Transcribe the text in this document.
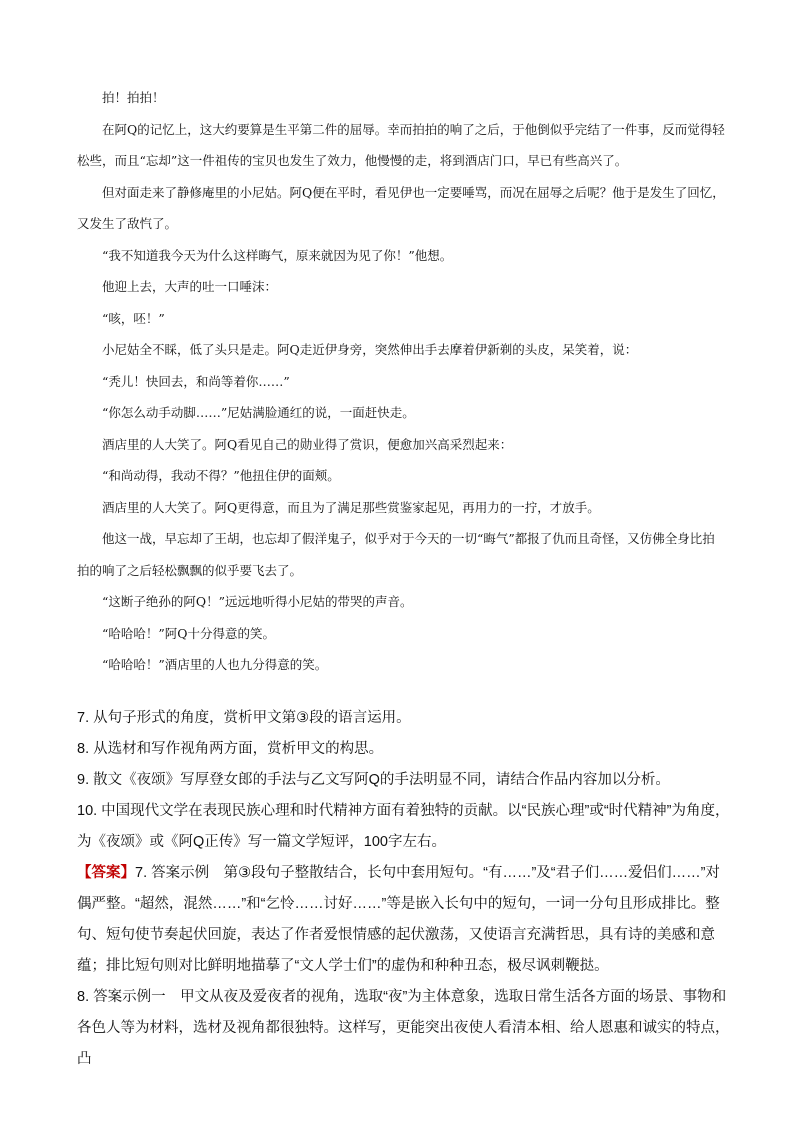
拍！拍拍！

在阿Q的记忆上，这大约要算是生平第二件的屈辱。幸而拍拍的响了之后，于他倒似乎完结了一件事，反而觉得轻松些，而且“忘却”这一件祖传的宝贝也发生了效力，他慢慢的走，将到酒店门口，早已有些高兴了。

但对面走来了静修庵里的小尼姑。阿Q便在平时，看见伊也一定要唾骂，而况在屈辱之后呢？他于是发生了回忆，又发生了敌忾了。

“我不知道我今天为什么这样晦气，原来就因为见了你！”他想。

他迎上去，大声的吐一口唾沫：

“咳，呸！”

小尼姑全不睬，低了头只是走。阿Q走近伊身旁，突然伸出手去摩着伊新剃的头皮，呆笑着，说：

“秃儿！快回去，和尚等着你……”

“你怎么动手动脚……”尼姑满脸通红的说，一面赶快走。

酒店里的人大笑了。阿Q看见自己的勋业得了赏识，便愈加兴高采烈起来：

“和尚动得，我动不得？”他扭住伊的面颊。

酒店里的人大笑了。阿Q更得意，而且为了满足那些赏鉴家起见，再用力的一拧，才放手。

他这一战，早忘却了王胡，也忘却了假洋鬼子，似乎对于今天的一切“晦气”都报了仇而且奇怪，又仿佛全身比拍拍的响了之后轻松飘飘的似乎要飞去了。

“这断子绝孙的阿Q！”远远地听得小尼姑的带哭的声音。

“哈哈哈！”阿Q十分得意的笑。

“哈哈哈！”酒店里的人也九分得意的笑。

7. 从句子形式的角度，赏析甲文第③段的语言运用。

8. 从选材和写作视角两方面，赏析甲文的构思。

9. 散文《夜颂》写厚登女郎的手法与乙文写阿Q的手法明显不同，请结合作品内容加以分析。

10. 中国现代文学在表现民族心理和时代精神方面有着独特的贡献。以“民族心理”或“时代精神”为角度，为《夜颂》或《阿Q正传》写一篇文学短评，100字左右。

【答案】7. 答案示例　第③段句子整散结合，长句中套用短句。“有……”及“君子们……爱侣们……”对偶严整。“超然，混然……”和“乞怜……讨好……”等是嵌入长句中的短句，一词一分句且形成排比。整句、短句使节奏起伏回旋，表达了作者爱恨情感的起伏激荡，又使语言充满哲思，具有诗的美感和意蕴；排比短句则对比鲜明地描摹了“文人学士们”的虚伪和种种丑态，极尽讽刺鞭挞。

8. 答案示例一　甲文从夜及爱夜者的视角，选取“夜”为主体意象，选取日常生活各方面的场景、事物和各色人等为材料，选材及视角都很独特。这样写，更能突出夜使人看清本相、给人恩惠和诚实的特点，凸
